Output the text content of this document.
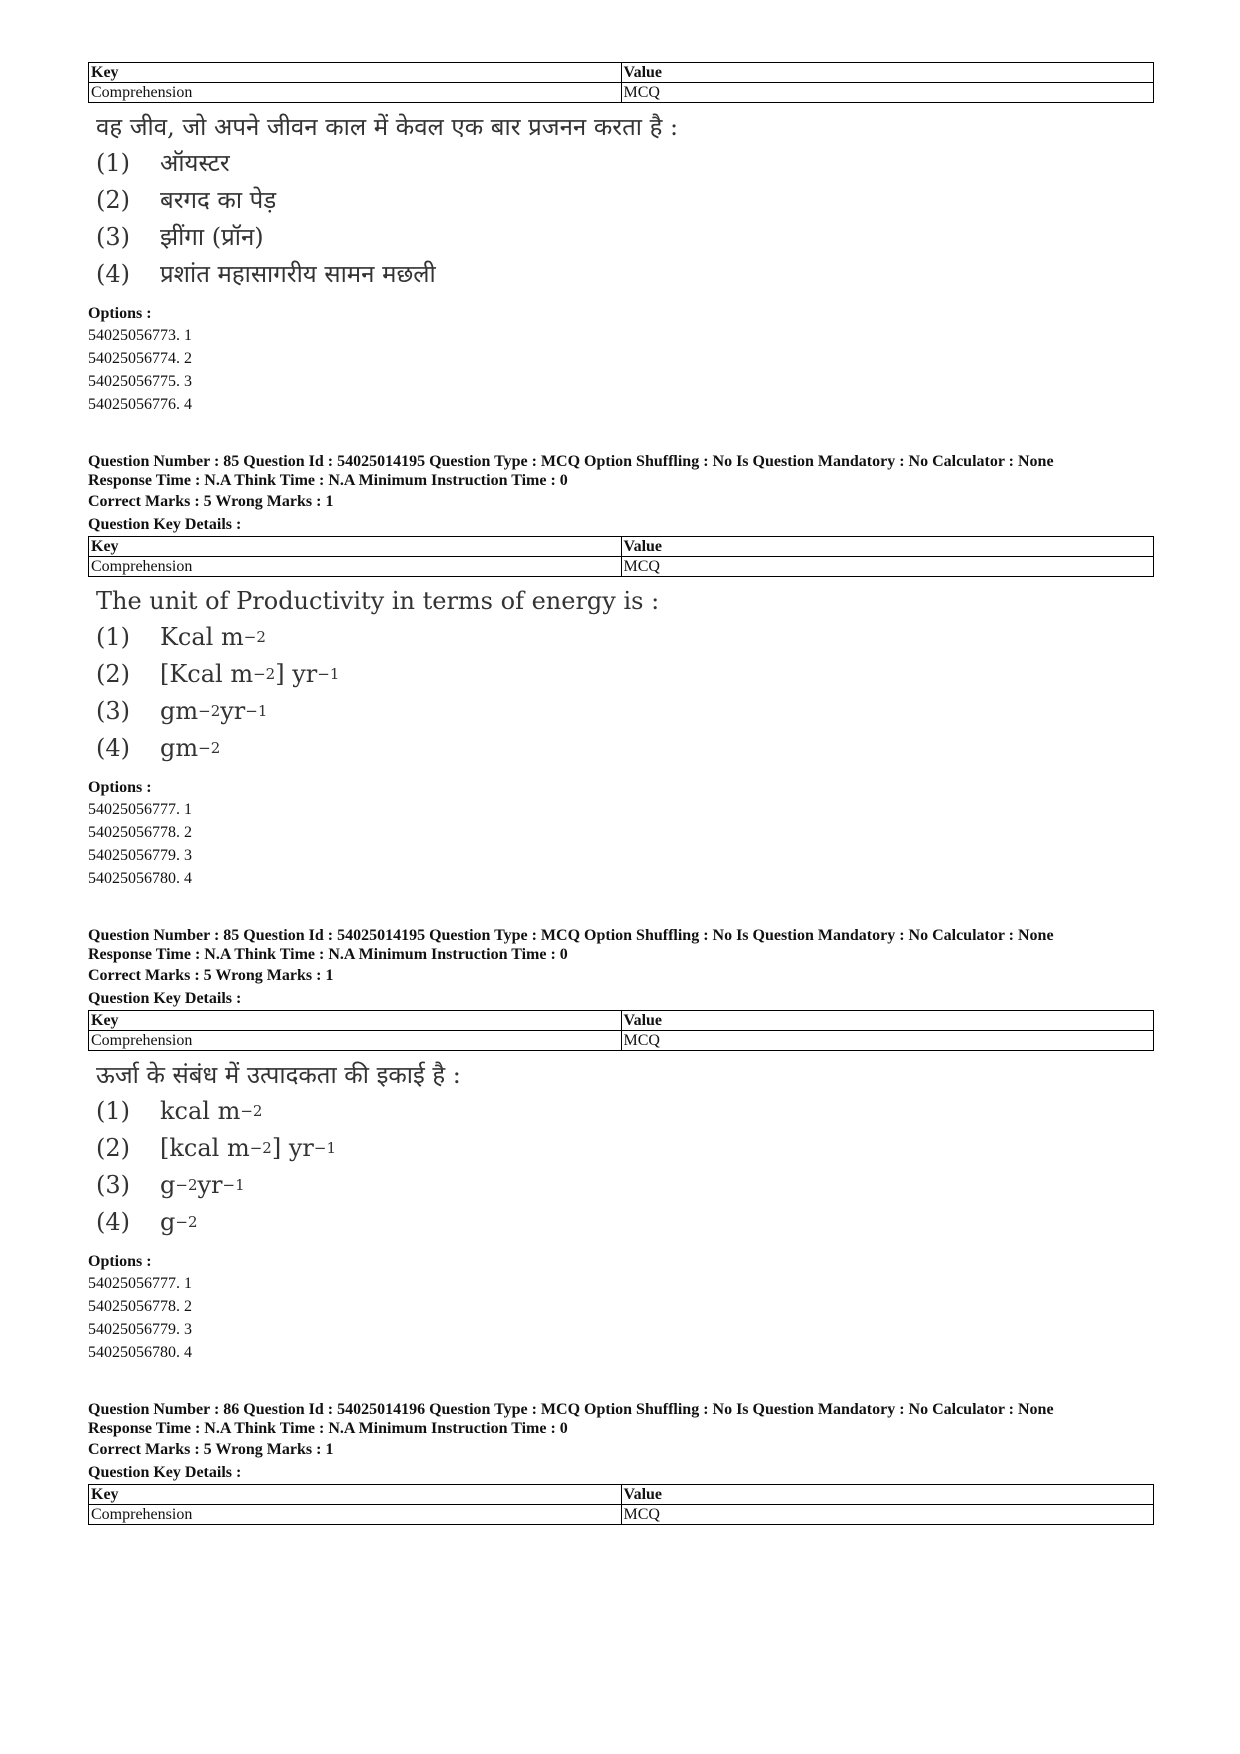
Key	Value
Comprehension	MCQ
वह जीव, जो अपने जीवन काल में केवल एक बार प्रजनन करता है :
(1)	ऑयस्टर
(2)	बरगद का पेड़
(3)	झींगा (प्रॉन)
(4)	प्रशांत महासागरीय सामन मछली
Options :
54025056773. 1
54025056774. 2
54025056775. 3
54025056776. 4
Question Number : 85 Question Id : 54025014195 Question Type : MCQ Option Shuffling : No Is Question Mandatory : No Calculator : None
Response Time : N.A Think Time : N.A Minimum Instruction Time : 0
Correct Marks : 5 Wrong Marks : 1
Question Key Details :
Key	Value
Comprehension	MCQ
The unit of Productivity in terms of energy is :
(1)	Kcal m −2
(2)	[Kcal m −2 ] yr −1
(3)	gm −2 yr −1
(4)	gm −2
Options :
54025056777. 1
54025056778. 2
54025056779. 3
54025056780. 4
Question Number : 85 Question Id : 54025014195 Question Type : MCQ Option Shuffling : No Is Question Mandatory : No Calculator : None
Response Time : N.A Think Time : N.A Minimum Instruction Time : 0
Correct Marks : 5 Wrong Marks : 1
Question Key Details :
Key	Value
Comprehension	MCQ
ऊर्जा के संबंध में उत्पादकता की इकाई है :
(1)	kcal m −2
(2)	[kcal m −2 ] yr −1
(3)	g −2 yr −1
(4)	g −2
Options :
54025056777. 1
54025056778. 2
54025056779. 3
54025056780. 4
Question Number : 86 Question Id : 54025014196 Question Type : MCQ Option Shuffling : No Is Question Mandatory : No Calculator : None
Response Time : N.A Think Time : N.A Minimum Instruction Time : 0
Correct Marks : 5 Wrong Marks : 1
Question Key Details :
Key	Value
Comprehension	MCQ
